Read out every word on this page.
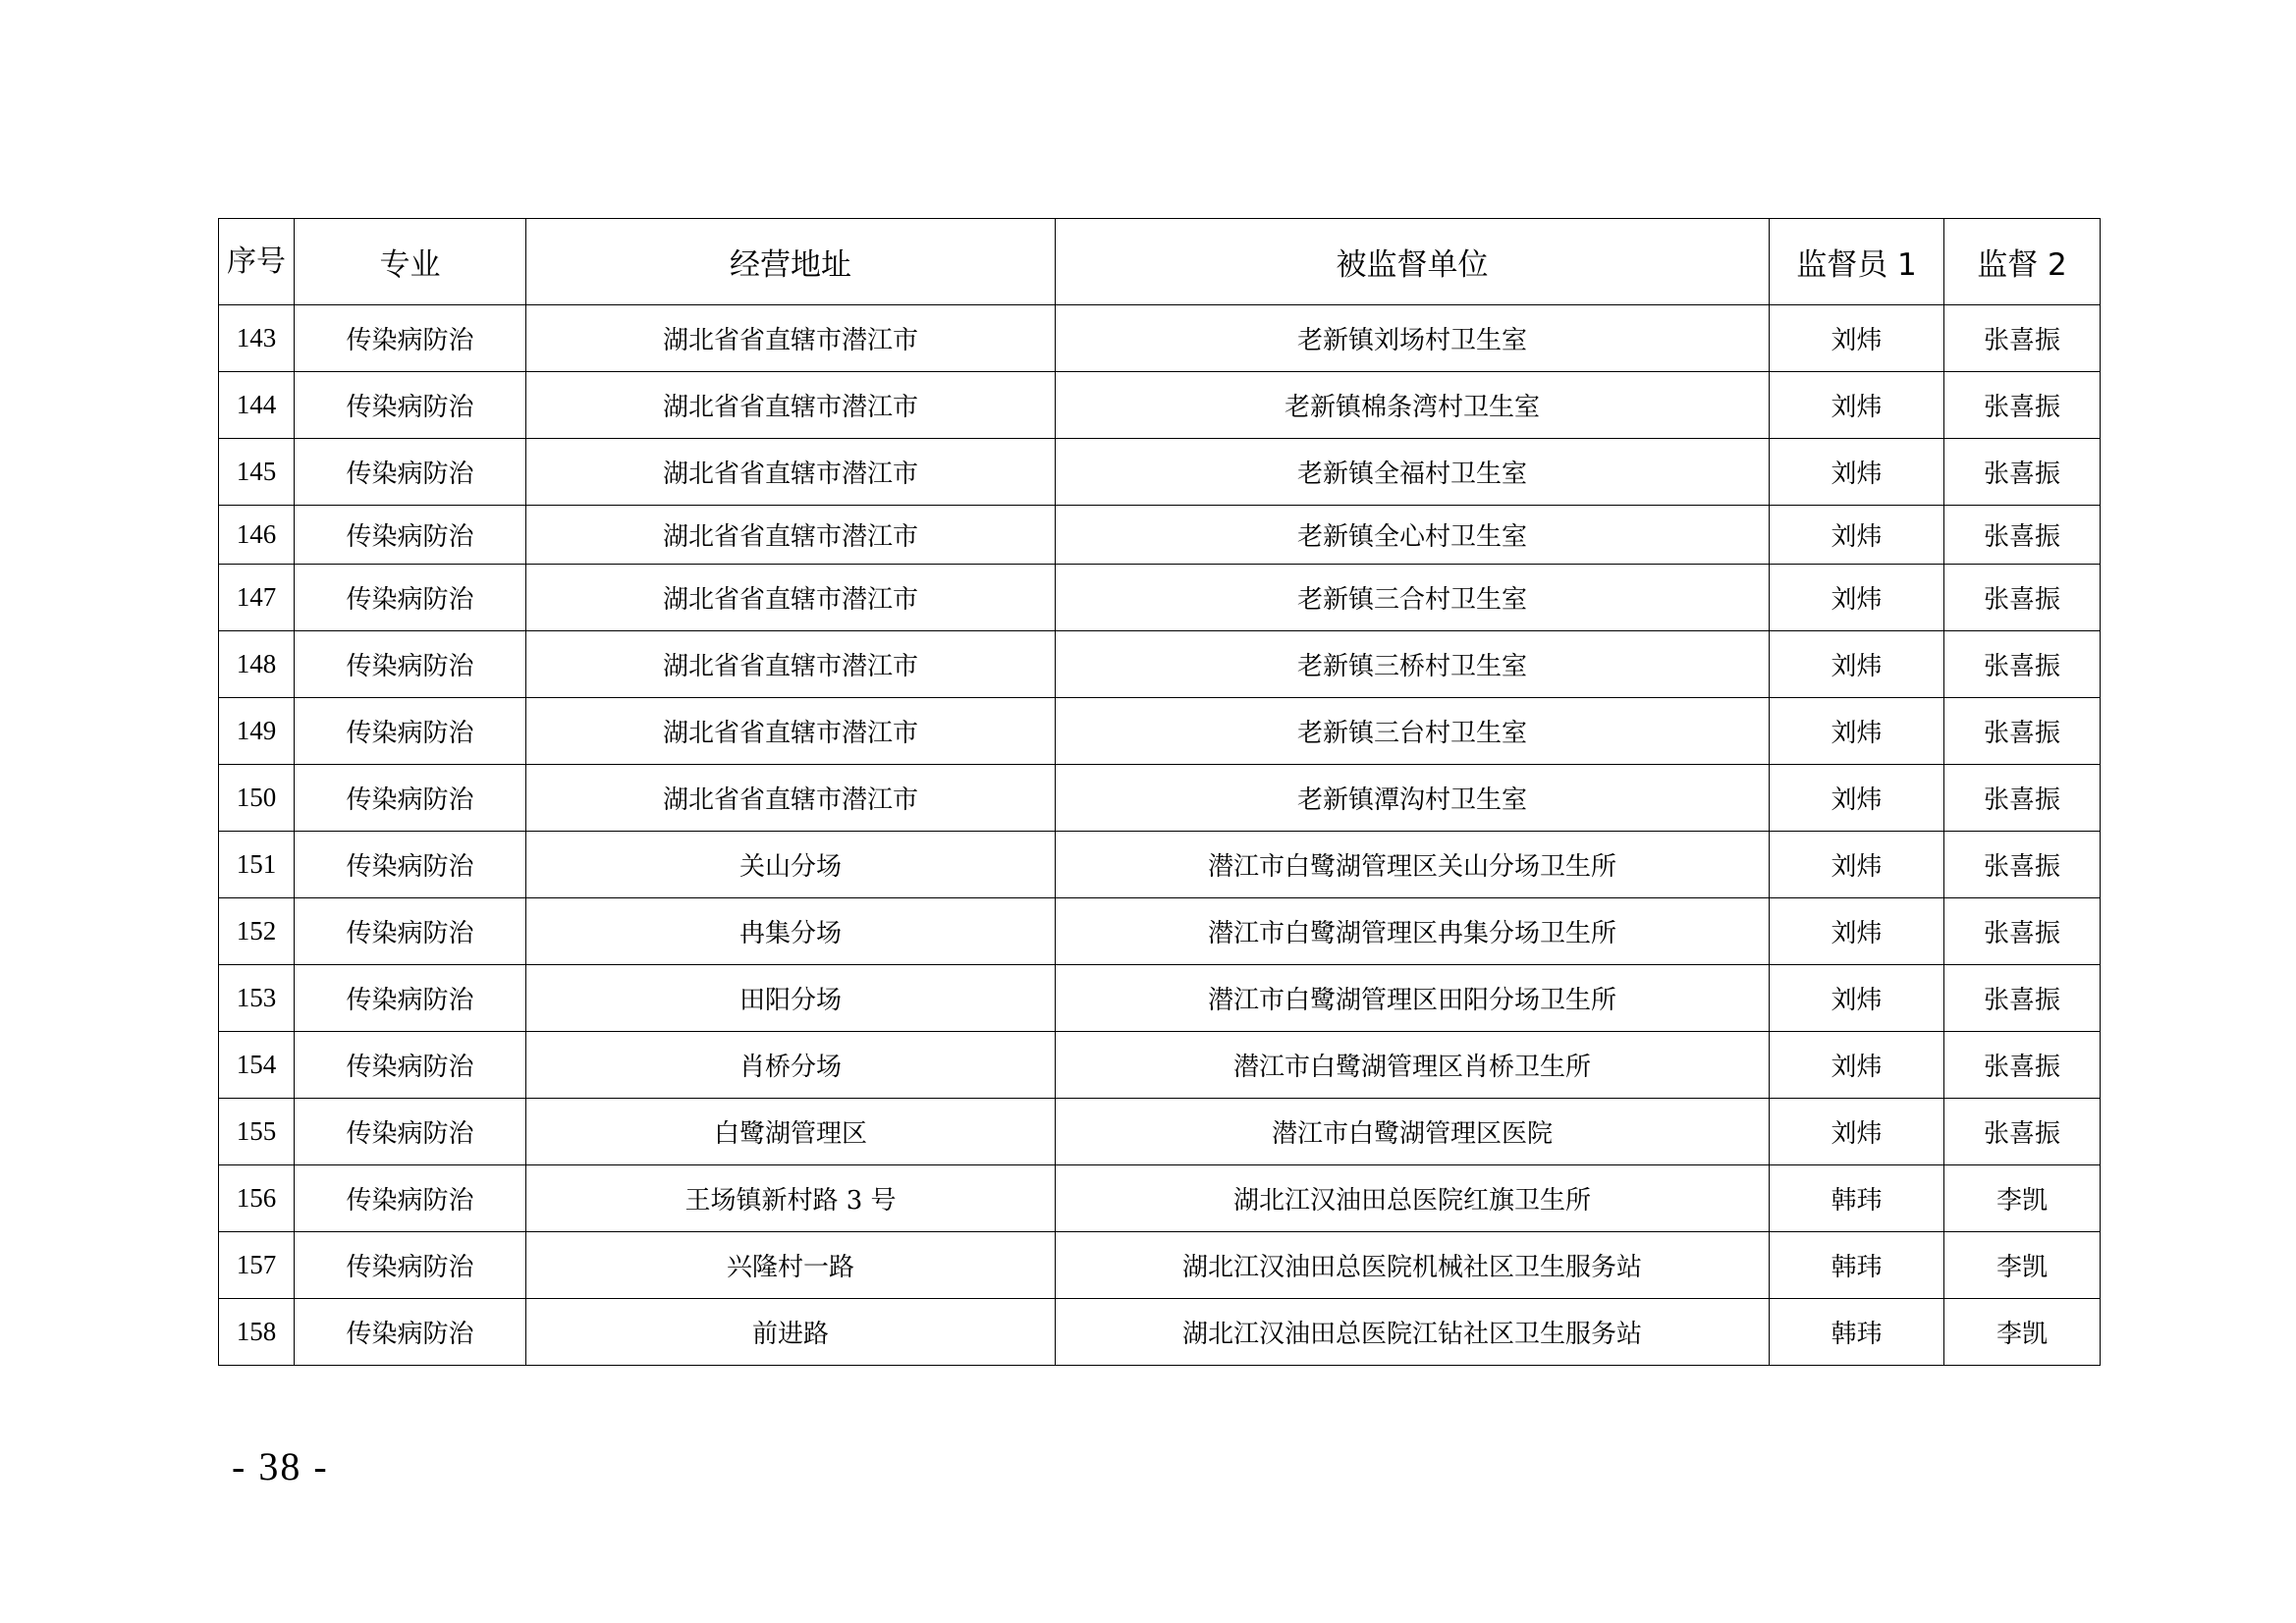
序号	专业	经营地址	被监督单位	监督员 1	监督 2
143	传染病防治	湖北省省直辖市潜江市	老新镇刘场村卫生室	刘炜	张喜振
144	传染病防治	湖北省省直辖市潜江市	老新镇棉条湾村卫生室	刘炜	张喜振
145	传染病防治	湖北省省直辖市潜江市	老新镇全福村卫生室	刘炜	张喜振
146	传染病防治	湖北省省直辖市潜江市	老新镇全心村卫生室	刘炜	张喜振
147	传染病防治	湖北省省直辖市潜江市	老新镇三合村卫生室	刘炜	张喜振
148	传染病防治	湖北省省直辖市潜江市	老新镇三桥村卫生室	刘炜	张喜振
149	传染病防治	湖北省省直辖市潜江市	老新镇三台村卫生室	刘炜	张喜振
150	传染病防治	湖北省省直辖市潜江市	老新镇潭沟村卫生室	刘炜	张喜振
151	传染病防治	关山分场	潜江市白鹭湖管理区关山分场卫生所	刘炜	张喜振
152	传染病防治	冉集分场	潜江市白鹭湖管理区冉集分场卫生所	刘炜	张喜振
153	传染病防治	田阳分场	潜江市白鹭湖管理区田阳分场卫生所	刘炜	张喜振
154	传染病防治	肖桥分场	潜江市白鹭湖管理区肖桥卫生所	刘炜	张喜振
155	传染病防治	白鹭湖管理区	潜江市白鹭湖管理区医院	刘炜	张喜振
156	传染病防治	王场镇新村路 3 号	湖北江汉油田总医院红旗卫生所	韩玮	李凯
157	传染病防治	兴隆村一路	湖北江汉油田总医院机械社区卫生服务站	韩玮	李凯
158	传染病防治	前进路	湖北江汉油田总医院江钻社区卫生服务站	韩玮	李凯
- 38 -
